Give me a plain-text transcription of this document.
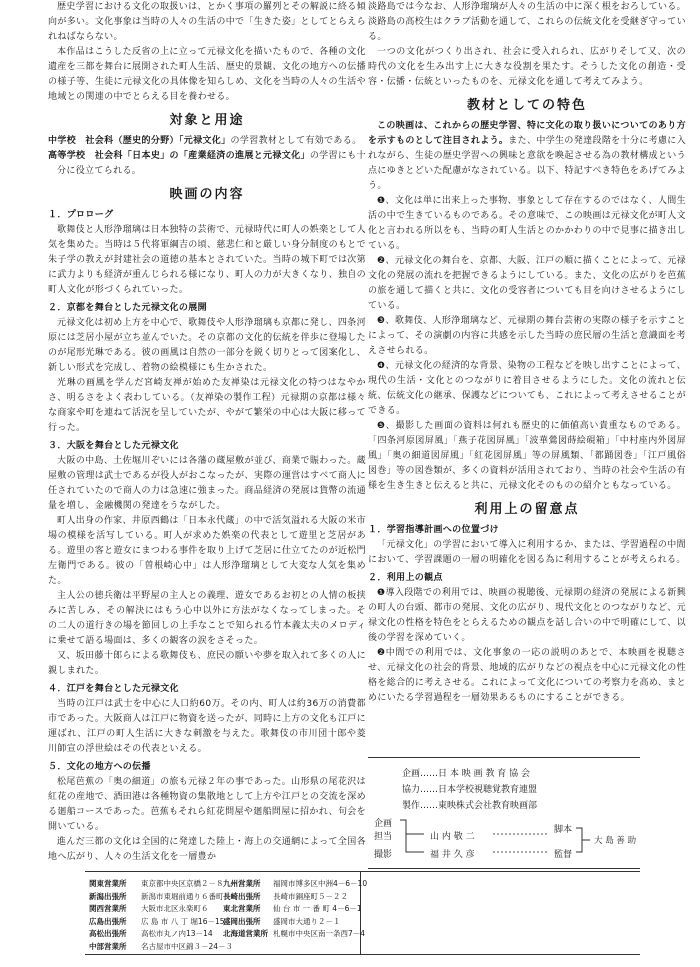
歴史学習における文化の取扱いは、とかく事項の羅列とその解説に終る傾向が多い。文化事象は当時の人々の生活の中で「生きた姿」としてとらえられねばならない。

本作品はこうした反省の上に立って元禄文化を描いたもので、各種の文化遺産を三都を舞台に展開された町人生活、歴史的景観、文化の地方への伝播の様子等、生徒に元禄文化の具体像を知らしめ、文化を当時の人々の生活や地域との関連の中でとらえる目を養わせる。

対象と用途

中学校　社会科（歴史的分野）「元禄文化」の学習教材として有効である。

高等学校　社会科「日本史」の「産業経済の進展と元禄文化」の学習にも十分に役立てられる。

映画の内容
１．プロローグ

歌舞伎と人形浄瑠璃は日本独特の芸術で、元禄時代に町人の娯楽として人気を集めた。当時は５代将軍綱吉の頃、慈悲仁和と厳しい身分制度のもとで朱子学の教えが封建社会の道徳の基本とされていた。当時の城下町では次第に武力よりも経済が重んじられる様になり、町人の力が大きくなり、独自の町人文化が形づくられていった。

２．京都を舞台とした元禄文化の展開

元禄文化は初め上方を中心で、歌舞伎や人形浄瑠璃も京都に発し、四条河原には芝居小屋が立ち並んでいた。その京都の文化的伝統を伴歩に登場したのが尾形光琳である。彼の画風は自然の一部分を鋭く切りとって図案化し、新しい形式を完成し、着物の絵模様にも生かされた。

光琳の画風を学んだ宮崎友禅が始めた友禅染は元禄文化の特つはなやかさ、明るさをよく表わしている。（友禅染の製作工程）元禄期の京都は様々な商家や町を連ねて活況を呈していたが、やがて繁栄の中心は大阪に移って行った。

３．大阪を舞台とした元禄文化

大阪の中島、土佐堀川ぞいには各藩の蔵屋敷が並び、商業で賑わった。蔵屋敷の管理は武士であるが役人がおこなったが、実際の運営はすべて商人に任されていたので商人の力は急速に強まった。商品経済の発展は貨幣の流通量を増し、金融機関の発達をうながした。

町人出身の作家、井原西鶴は「日本永代蔵」の中で活気溢れる大阪の米市場の模様を活写している。町人が求めた娯楽の代表として遊里と芝居がある。遊里の客と遊女にまつわる事件を取り上げて芝居に仕立てたのが近松門左衛門である。彼の「曽根崎心中」は人形浄瑠璃として大変な人気を集めた。

主人公の徳兵衛は平野屋の主人との義理、遊女であるお初との人情の板挟みに苦しみ、その解決にはもう心中以外に方法がなくなってしまった。その二人の道行きの場を節回しの上手なことで知られる竹本義太夫のメロディに乗せて語る場面は、多くの観客の涙をさそった。

又、坂田藤十郎らによる歌舞伎も、庶民の願いや夢を取入れて多くの人に親しまれた。

４．江戸を舞台とした元禄文化

当時の江戸は武士を中心に人口約60万。その内、町人は約36万の消費都市であった。大阪商人は江戸に物資を送ったが、同時に上方の文化も江戸に運ばれ、江戸の町人生活に大きな刺激を与えた。歌舞伎の市川団十郎や菱川師宣の浮世絵はその代表といえる。

５．文化の地方への伝播

松尾芭蕉の「奥の細道」の旅も元禄２年の事であった。山形県の尾花沢は紅花の産地で、酒田港は各種物資の集散地として上方や江戸との交流を深める廻船コースであった。芭蕉もそれら紅花問屋や廻船問屋に招かれ、句会を開いている。

進んだ三都の文化は全国的に発達した陸上・海上の交通網によって全国各地へ広がり、人々の生活文化を一層豊か

淡路島では今なお、人形浄瑠璃が人々の生活の中に深く根をおろしている。淡路島の高校生はクラブ活動を通して、これらの伝統文化を受継ぎ守っている。

一つの文化がつくり出され、社会に受入れられ、広がりそして又、次の時代の文化を生み出す上に大きな役割を果たす。そうした文化の創造・受容・伝播・伝統といったものを、元禄文化を通して考えてみよう。

教材としての特色

この映画は、これからの歴史学習、特に文化の取り扱いについてのあり方を示すものとして注目されよう。また、中学生の発達段階を十分に考慮に入れながら、生徒の歴史学習への興味と意欲を喚起させる為の教材構成という点にゆきとどいた配慮がなされている。以下、特記すべき特色をあげてみよう。

❶、文化は単に出来上った事物、事象として存在するのではなく、人間生活の中で生きているものである。その意味で、この映画は元禄文化が町人文化と言われる所以をも、当時の町人生活とのかかわりの中で見事に描き出している。

❷、元禄文化の舞台を、京都、大阪、江戸の順に描くことによって、元禄文化の発展の流れを把握できるようにしている。また、文化の広がりを芭蕉の旅を通して描くと共に、文化の受容者についても目を向けさせるようにしている。

❸、歌舞伎、人形浄瑠璃など、元禄期の舞台芸術の実際の様子を示すことによって、その演劇の内容に共感を示した当時の庶民層の生活と意識面を考えさせられる。

❹、元禄文化の経済的な背景、染物の工程などを映し出すことによって、現代の生活・文化とのつながりに着目させるようにした。文化の流れと伝統、伝統文化の継承、保護などについても、これによって考えさせることができる。

❺、撮影した画面の資料は何れも歴史的に価値高い貴重なものである。「四条河原図屏風」「燕子花図屏風」「波華鶯図蒔絵硯箱」「中村座内外図屏風」「奥の細道図屏風」「紅花図屏風」等の屏風類、「都踊図巻」「江戸風俗図巻」等の図巻類が、多くの資料が活用されており、当時の社会や生活の有様を生き生きと伝えると共に、元禄文化そのものの紹介ともなっている。

利用上の留意点
１．学習指導計画への位置づけ

「元禄文化」の学習において導入に利用するか、または、学習過程の中間において、学習課題の一層の明確化を図る為に利用することが考えられる。

２．利用上の観点

❶導入段階での利用では、映画の視聴後、元禄期の経済の発展による新興の町人の台頭、都市の発展、文化の広がり、現代文化とのつながりなど、元禄文化の性格を特色をとらえるための観点を話し合いの中で明確にして、以後の学習を深めていく。

❷中間での利用では、文化事象の一応の説明のあとで、本映画を視聴させ、元禄文化の社会的背景、地域的広がりなどの視点を中心に元禄文化の性格を総合的に考えさせる。これによって文化についての考察力を高め、まとめにいたる学習過程を一層効果あるものにすることができる。

企画……日 本 映 画 教 育 協 会
協力……日本学校視聴覚教育連盟
製作……東映株式会社教育映画部
企画
担当
撮影
山 内 敬 二
福 井 久 彦
脚本
監督
大 島 善 助
関東営業所 東京都中央区京橋２－８
新潟出張所 新潟市東堀前通り６番町
関西営業所 大阪市北区永楽町６
広島出張所 広 島 市 八 丁 堀16－15
高松出張所 高松市丸ノ内13－14
中部営業所 名古屋市中区錦３－24－３
九州営業所 福岡市博多区中洲4－6－10
長崎出張所 長崎市銅座町５－２２
東北営業所 仙 台 市 一 番 町 4－6－1
盛岡出張所 盛岡市大通り２－１
北海道営業所 札幌市中央区南一条西7－4
